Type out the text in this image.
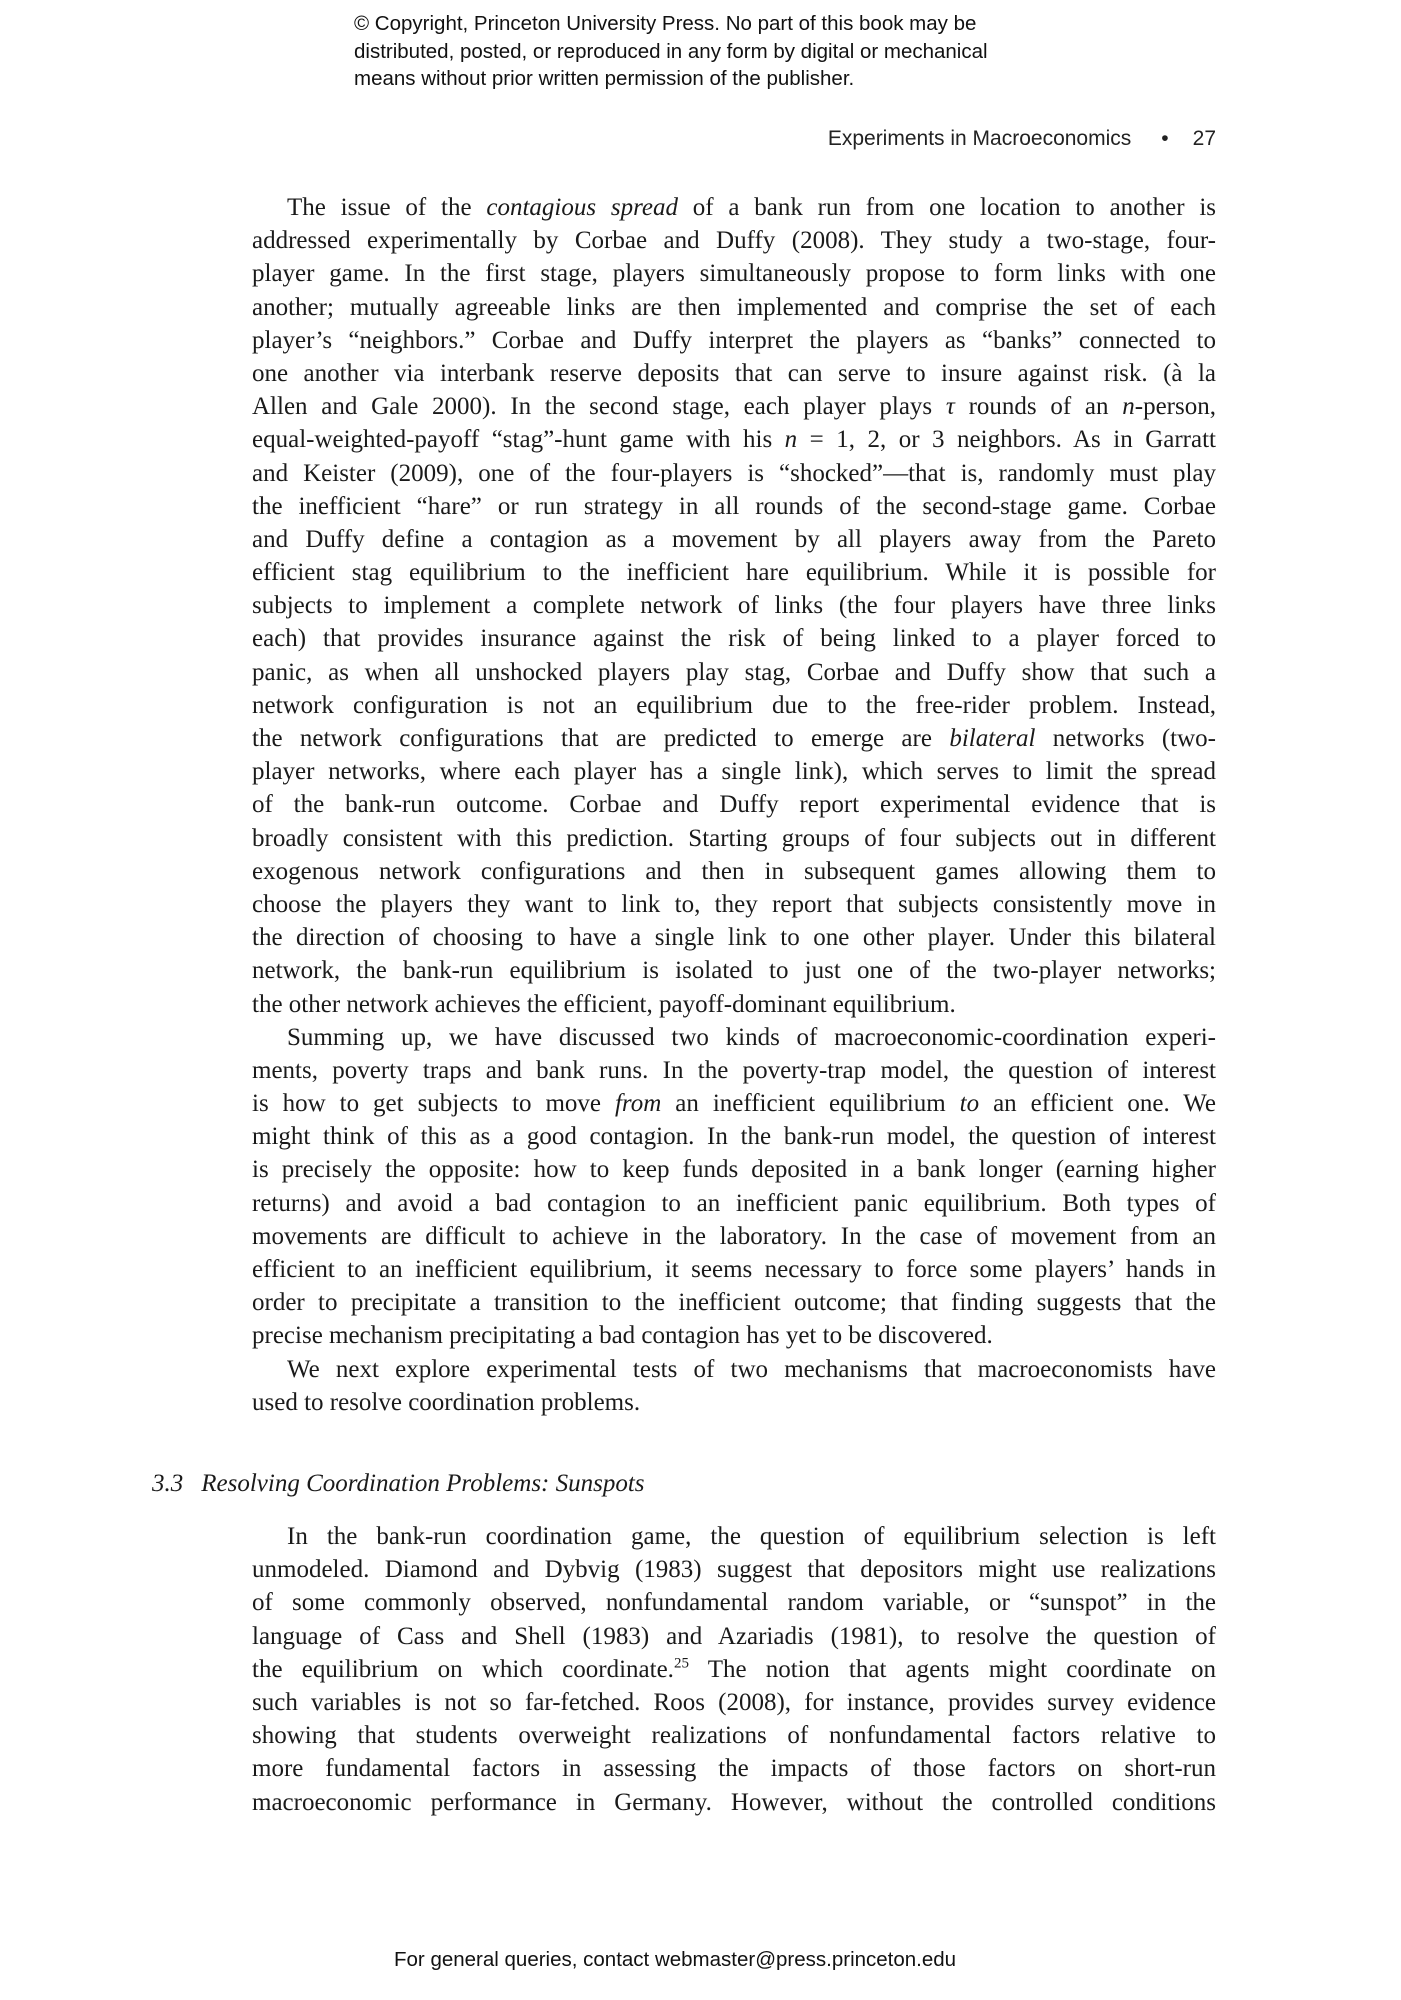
© Copyright, Princeton University Press. No part of this book may be
distributed, posted, or reproduced in any form by digital or mechanical
means without prior written permission of the publisher.
Experiments in Macroeconomics • 27
The issue of the contagious spread of a bank run from one location to another is
addressed experimentally by Corbae and Duffy (2008). They study a two-stage, four-
player game. In the first stage, players simultaneously propose to form links with one
another; mutually agreeable links are then implemented and comprise the set of each
player’s “neighbors.” Corbae and Duffy interpret the players as “banks” connected to
one another via interbank reserve deposits that can serve to insure against risk. (à la
Allen and Gale 2000). In the second stage, each player plays τ rounds of an n-person,
equal-weighted-payoff “stag”-hunt game with his n = 1, 2, or 3 neighbors. As in Garratt
and Keister (2009), one of the four-players is “shocked”—that is, randomly must play
the inefficient “hare” or run strategy in all rounds of the second-stage game. Corbae
and Duffy define a contagion as a movement by all players away from the Pareto
efficient stag equilibrium to the inefficient hare equilibrium. While it is possible for
subjects to implement a complete network of links (the four players have three links
each) that provides insurance against the risk of being linked to a player forced to
panic, as when all unshocked players play stag, Corbae and Duffy show that such a
network configuration is not an equilibrium due to the free-rider problem. Instead,
the network configurations that are predicted to emerge are bilateral networks (two-
player networks, where each player has a single link), which serves to limit the spread
of the bank-run outcome. Corbae and Duffy report experimental evidence that is
broadly consistent with this prediction. Starting groups of four subjects out in different
exogenous network configurations and then in subsequent games allowing them to
choose the players they want to link to, they report that subjects consistently move in
the direction of choosing to have a single link to one other player. Under this bilateral
network, the bank-run equilibrium is isolated to just one of the two-player networks;
the other network achieves the efficient, payoff-dominant equilibrium.
Summing up, we have discussed two kinds of macroeconomic-coordination experi-
ments, poverty traps and bank runs. In the poverty-trap model, the question of interest
is how to get subjects to move from an inefficient equilibrium to an efficient one. We
might think of this as a good contagion. In the bank-run model, the question of interest
is precisely the opposite: how to keep funds deposited in a bank longer (earning higher
returns) and avoid a bad contagion to an inefficient panic equilibrium. Both types of
movements are difficult to achieve in the laboratory. In the case of movement from an
efficient to an inefficient equilibrium, it seems necessary to force some players’ hands in
order to precipitate a transition to the inefficient outcome; that finding suggests that the
precise mechanism precipitating a bad contagion has yet to be discovered.
We next explore experimental tests of two mechanisms that macroeconomists have
used to resolve coordination problems.
3.3 Resolving Coordination Problems: Sunspots
In the bank-run coordination game, the question of equilibrium selection is left
unmodeled. Diamond and Dybvig (1983) suggest that depositors might use realizations
of some commonly observed, nonfundamental random variable, or “sunspot” in the
language of Cass and Shell (1983) and Azariadis (1981), to resolve the question of
the equilibrium on which coordinate.$^{25}$ The notion that agents might coordinate on
such variables is not so far-fetched. Roos (2008), for instance, provides survey evidence
showing that students overweight realizations of nonfundamental factors relative to
more fundamental factors in assessing the impacts of those factors on short-run
macroeconomic performance in Germany. However, without the controlled conditions
For general queries, contact webmaster@press.princeton.edu
